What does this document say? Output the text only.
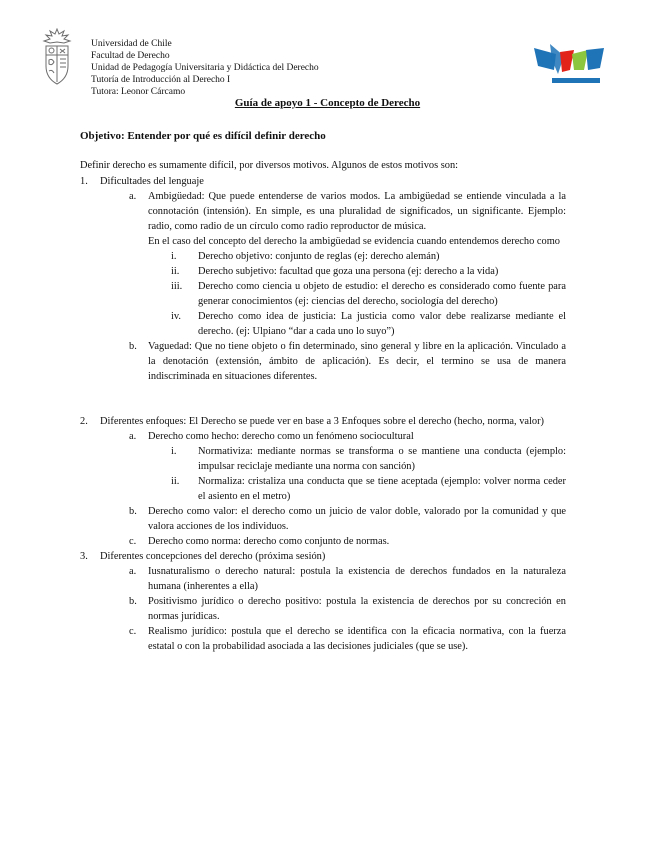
Universidad de Chile
Facultad de Derecho
Unidad de Pedagogía Universitaria y Didáctica del Derecho
Tutoría de Introducción al Derecho I
Tutora: Leonor Cárcamo
Guía de apoyo 1 - Concepto de Derecho
Objetivo: Entender por qué es difícil definir derecho
Definir derecho es sumamente difícil, por diversos motivos. Algunos de estos motivos son:
1. Dificultades del lenguaje
a. Ambigüedad: Que puede entenderse de varios modos. La ambigüedad se entiende vinculada a la connotación (intensión). En simple, es una pluralidad de significados, un significante. Ejemplo: radio, como radio de un círculo como radio reproductor de música.
En el caso del concepto del derecho la ambigüedad se evidencia cuando entendemos derecho como
i. Derecho objetivo: conjunto de reglas (ej: derecho alemán)
ii. Derecho subjetivo: facultad que goza una persona (ej: derecho a la vida)
iii. Derecho como ciencia u objeto de estudio: el derecho es considerado como fuente para generar conocimientos (ej: ciencias del derecho, sociología del derecho)
iv. Derecho como idea de justicia: La justicia como valor debe realizarse mediante el derecho. (ej: Ulpiano “dar a cada uno lo suyo”)
b. Vaguedad: Que no tiene objeto o fin determinado, sino general y libre en la aplicación. Vinculado a la denotación (extensión, ámbito de aplicación). Es decir, el termino se usa de manera indiscriminada en situaciones diferentes.
2. Diferentes enfoques: El Derecho se puede ver en base a 3 Enfoques sobre el derecho (hecho, norma, valor)
a. Derecho como hecho: derecho como un fenómeno sociocultural
i. Normativiza: mediante normas se transforma o se mantiene una conducta (ejemplo: impulsar reciclaje mediante una norma con sanción)
ii. Normaliza: cristaliza una conducta que se tiene aceptada (ejemplo: volver norma ceder el asiento en el metro)
b. Derecho como valor: el derecho como un juicio de valor doble, valorado por la comunidad y que valora acciones de los individuos.
c. Derecho como norma: derecho como conjunto de normas.
3. Diferentes concepciones del derecho (próxima sesión)
a. Iusnaturalismo o derecho natural: postula la existencia de derechos fundados en la naturaleza humana (inherentes a ella)
b. Positivismo jurídico o derecho positivo: postula la existencia de derechos por su concreción en normas jurídicas.
c. Realismo jurídico: postula que el derecho se identifica con la eficacia normativa, con la fuerza estatal o con la probabilidad asociada a las decisiones judiciales (que se use).
